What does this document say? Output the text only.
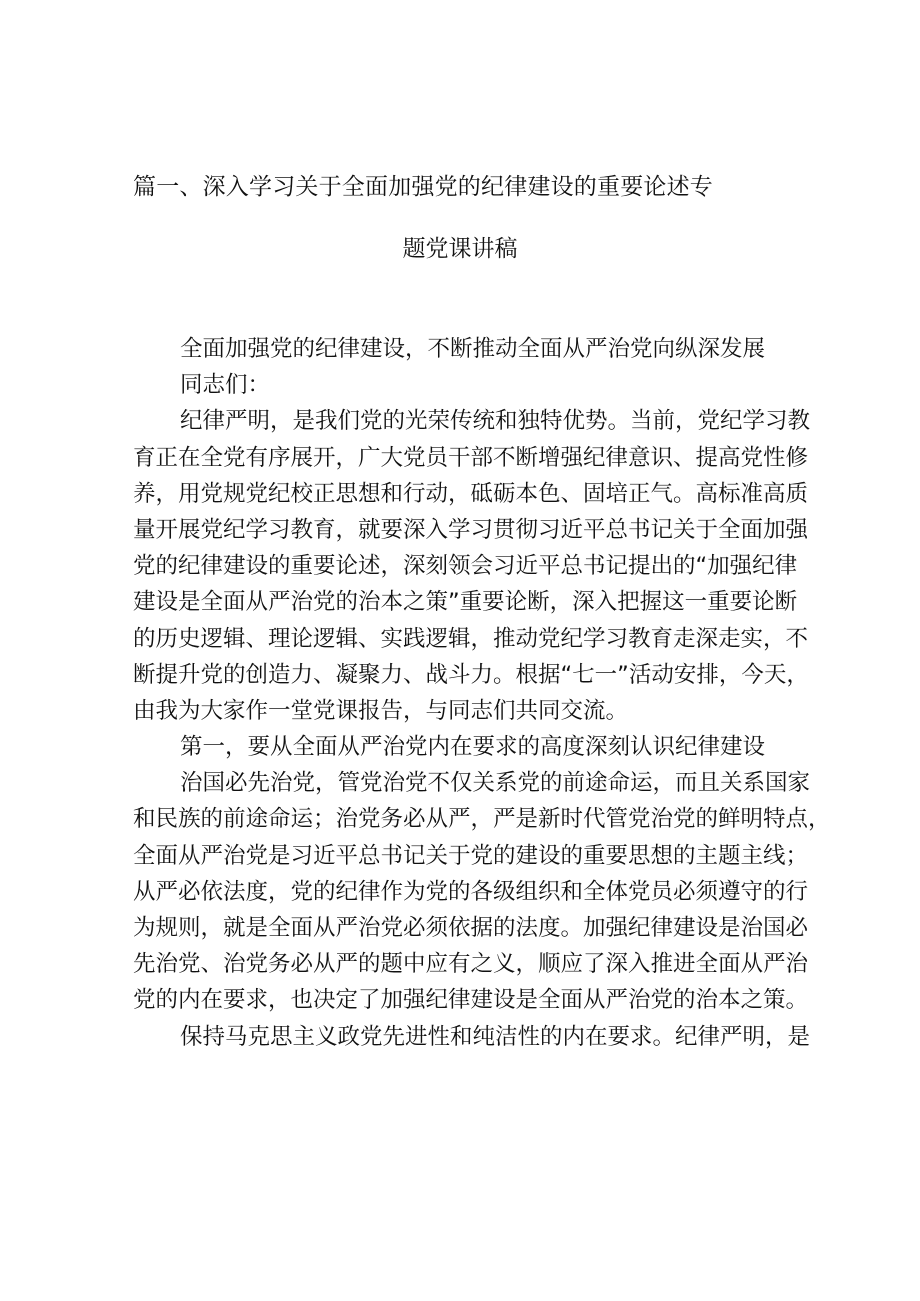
篇一、深入学习关于全面加强党的纪律建设的重要论述专
题党课讲稿
全面加强党的纪律建设，不断推动全面从严治党向纵深发展
同志们：
纪律严明，是我们党的光荣传统和独特优势。当前，党纪学习教
育正在全党有序展开，广大党员干部不断增强纪律意识、提高党性修
养，用党规党纪校正思想和行动，砥砺本色、固培正气。高标准高质
量开展党纪学习教育，就要深入学习贯彻习近平总书记关于全面加强
党的纪律建设的重要论述，深刻领会习近平总书记提出的“加强纪律
建设是全面从严治党的治本之策”重要论断，深入把握这一重要论断
的历史逻辑、理论逻辑、实践逻辑，推动党纪学习教育走深走实，不
断提升党的创造力、凝聚力、战斗力。根据“七一”活动安排，今天，
由我为大家作一堂党课报告，与同志们共同交流。
第一，要从全面从严治党内在要求的高度深刻认识纪律建设
治国必先治党，管党治党不仅关系党的前途命运，而且关系国家
和民族的前途命运；治党务必从严，严是新时代管党治党的鲜明特点，
全面从严治党是习近平总书记关于党的建设的重要思想的主题主线；
从严必依法度，党的纪律作为党的各级组织和全体党员必须遵守的行
为规则，就是全面从严治党必须依据的法度。加强纪律建设是治国必
先治党、治党务必从严的题中应有之义，顺应了深入推进全面从严治
党的内在要求，也决定了加强纪律建设是全面从严治党的治本之策。
保持马克思主义政党先进性和纯洁性的内在要求。纪律严明，是
